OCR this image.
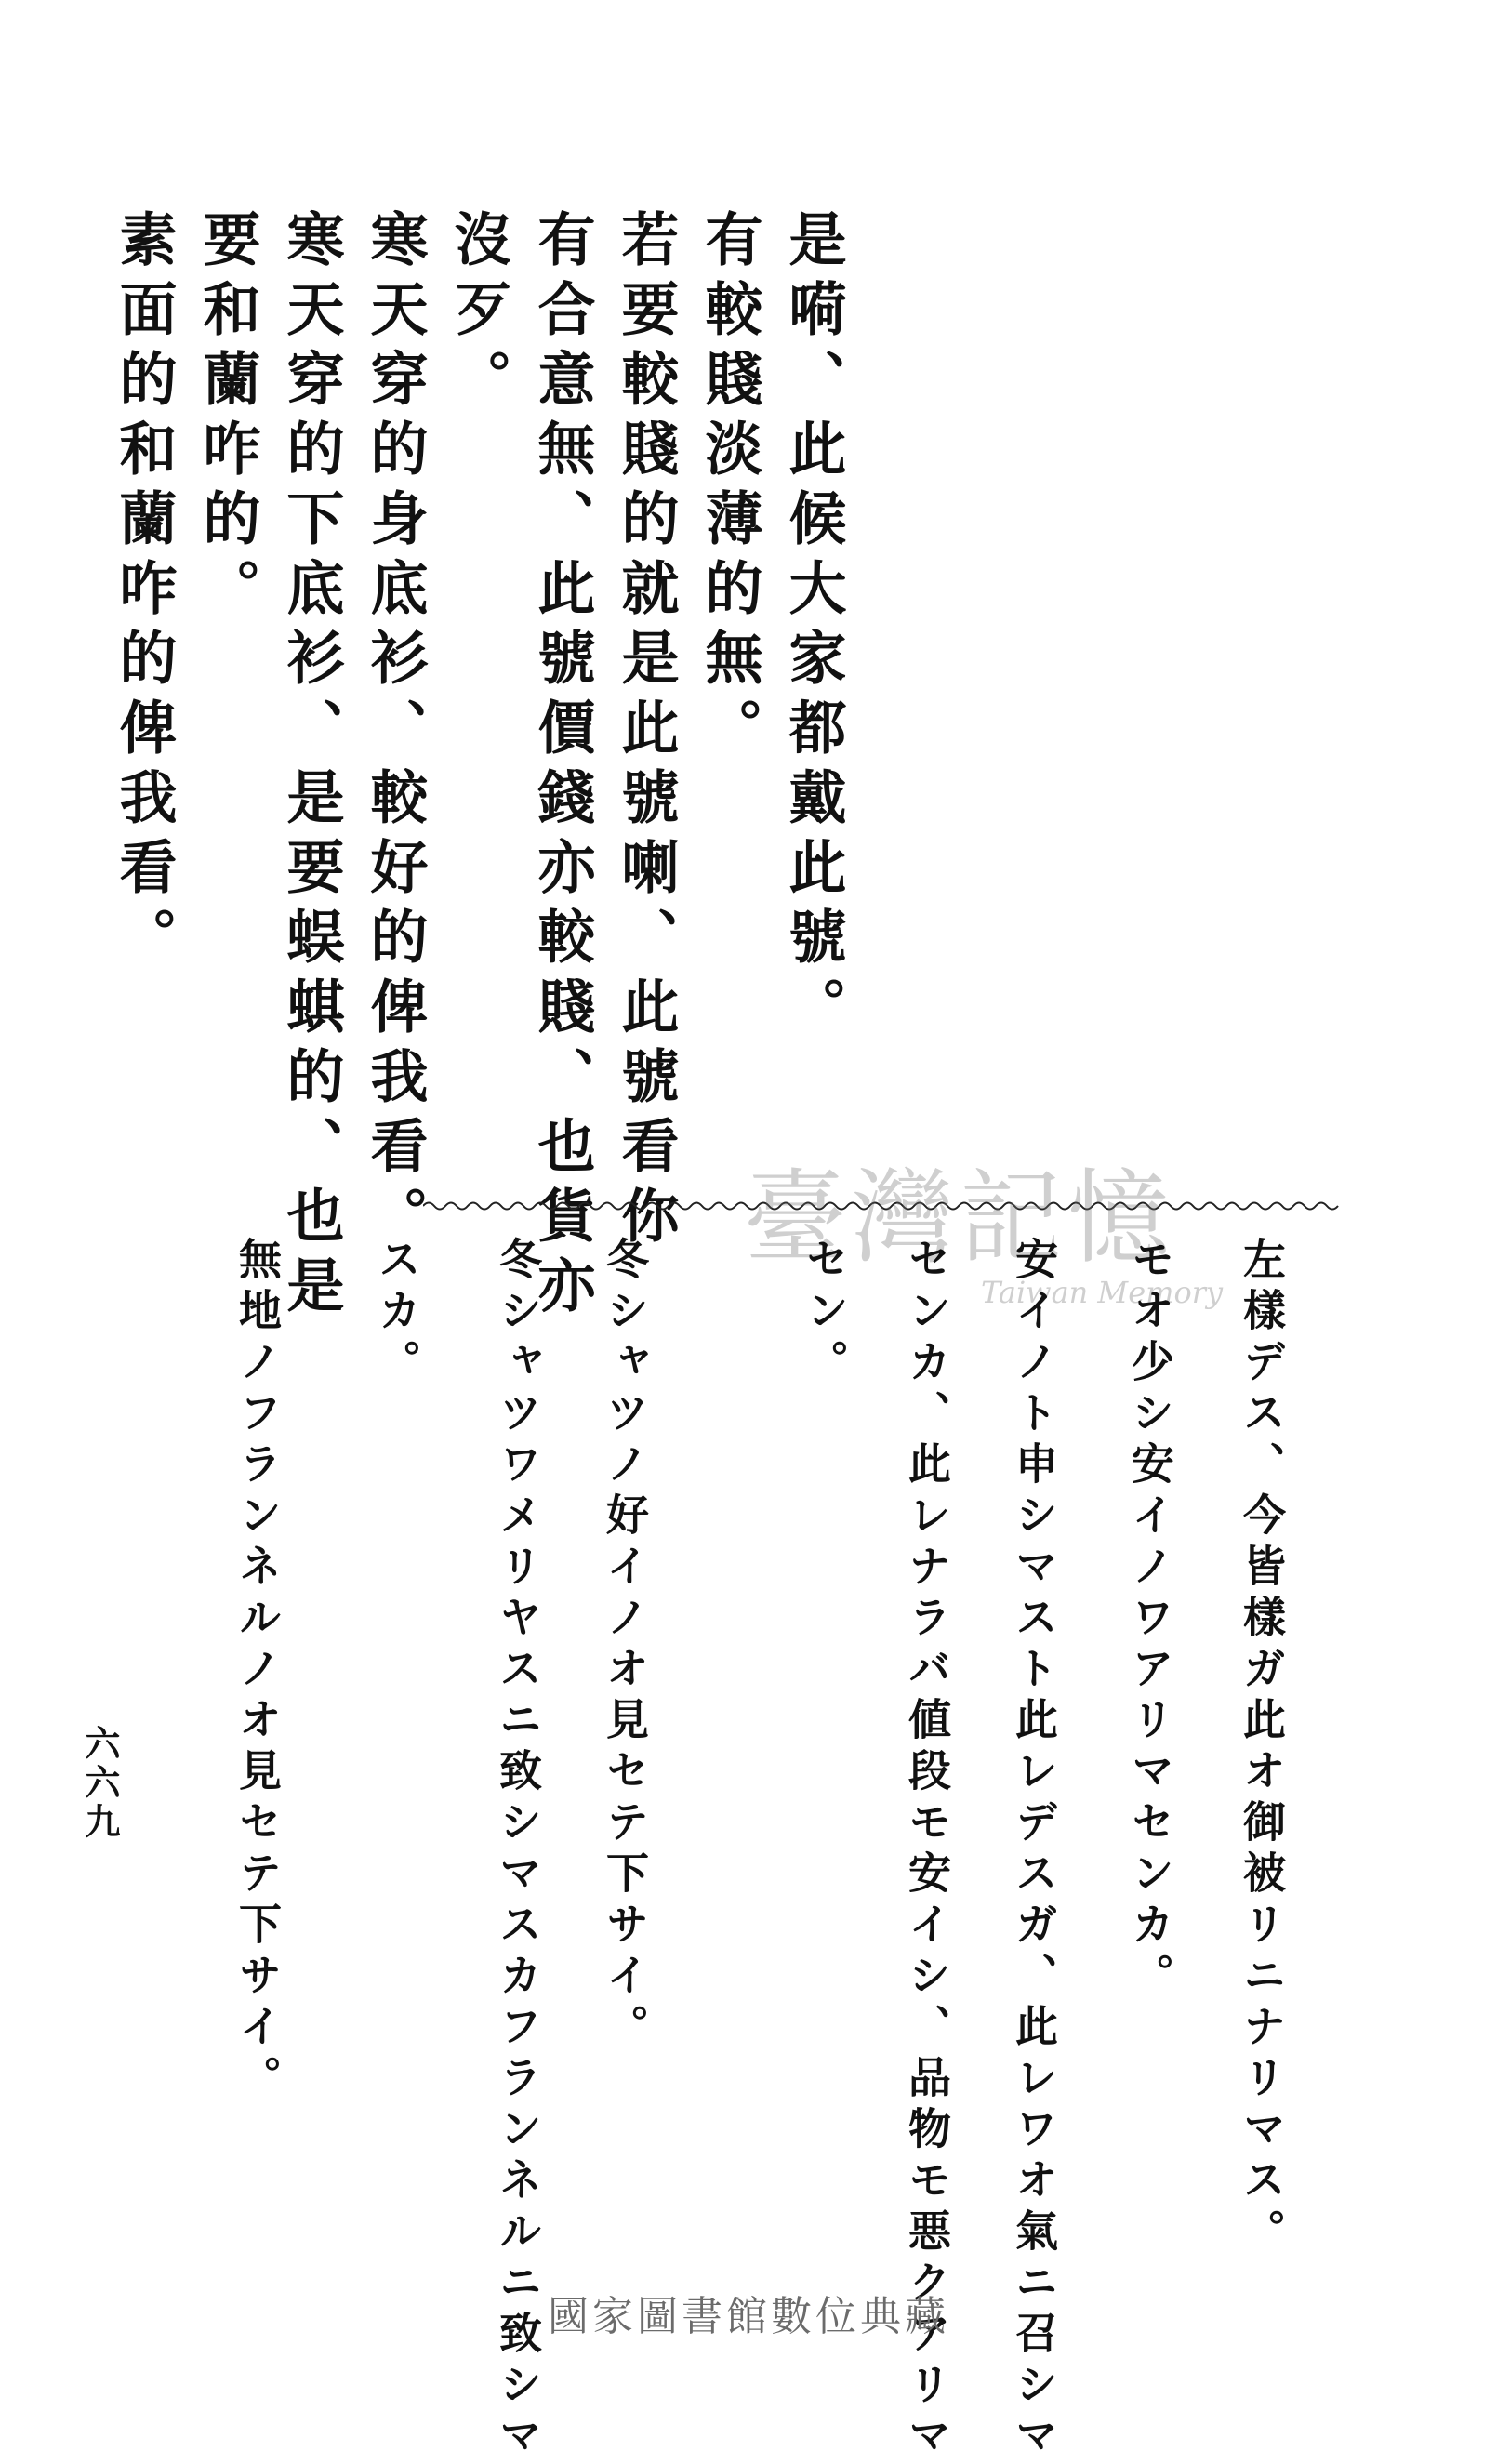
是嗬、此候大家都戴此號。
有較賤淡薄的無。
若要較賤的就是此號喇、此號看你
有合意無、此號價錢亦較賤、也貨亦
沒歹。
寒天穿的身底衫、較好的俾我看。
寒天穿的下底衫、是要蜈蜞的、也是
要和蘭咋的。
素面的和蘭咋的俾我看。
臺灣記憶
Taiwan Memory 左樣デス、今皆樣ガ此オ御被リニナリマス。
モオ少シ安イノワアリマセンカ。
安イノト申シマスト此レデスガ、此レワオ氣ニ召シマ
センカ、此レナラバ値段モ安イシ、品物モ悪クアリマ
セン。
冬シャツノ好イノオ見セテ下サイ。
冬シャツワメリヤスニ致シマスカフランネルニ致シマ
スカ。
無地ノフランネルノオ見セテ下サイ。
六六九
國家圖書館數位典藏
